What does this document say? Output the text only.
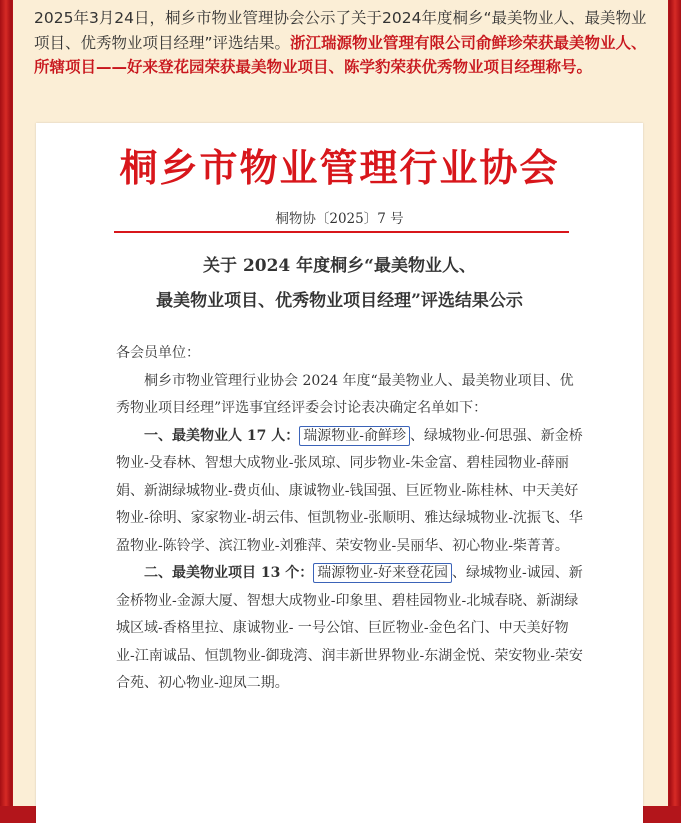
2025年3月24日，桐乡市物业管理协会公示了关于2024年度桐乡“最美物业人、最美物业项目、优秀物业项目经理”评选结果。浙江瑞源物业管理有限公司俞鲜珍荣获最美物业人、所辖项目——好来登花园荣获最美物业项目、陈学豹荣获优秀物业项目经理称号。
桐乡市物业管理行业协会
桐物协〔2025〕7 号
关于 2024 年度桐乡“最美物业人、
最美物业项目、优秀物业项目经理”评选结果公示

各会员单位：

桐乡市物业管理行业协会 2024 年度“最美物业人、最美物业项目、优秀物业项目经理”评选事宜经评委会讨论表决确定名单如下：

一、最美物业人 17 人： 瑞源物业-俞鲜珍 、绿城物业-何思强、新金桥物业-殳春林、智想大成物业-张凤琼、同步物业-朱金富、碧桂园物业-薛丽娟、新湖绿城物业-费贞仙、康诚物业-钱国强、巨匠物业-陈桂林、中天美好物业-徐明、家家物业-胡云伟、恒凯物业-张顺明、雅达绿城物业-沈振飞、华盈物业-陈铃学、滨江物业-刘雅萍、荣安物业-吴丽华、初心物业-柴菁菁。

二、最美物业项目 13 个： 瑞源物业-好来登花园 、绿城物业-诚园、新金桥物业-金源大厦、智想大成物业-印象里、碧桂园物业-北城春晓、新湖绿城区域-香格里拉、康诚物业- 一号公馆、巨匠物业-金色名门、中天美好物业-江南诚品、恒凯物业-御珑湾、润丰新世界物业-东湖金悦、荣安物业-荣安合苑、初心物业-迎凤二期。
